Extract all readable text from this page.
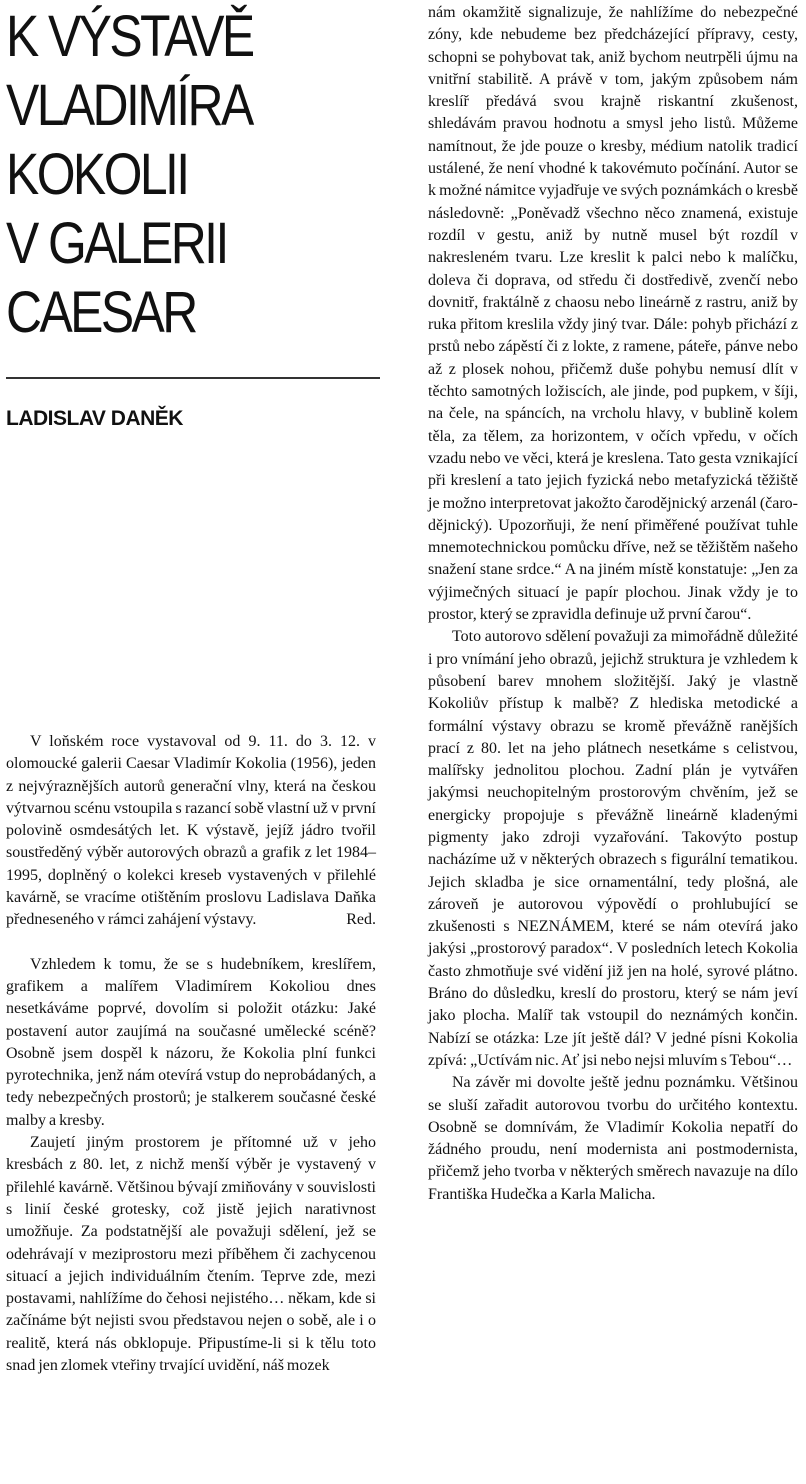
K VÝSTAVĚ
VLADIMÍRA
KOKOLII
V GALERII
CAESAR
LADISLAV DANĚK

V loňském roce vystavoval od 9. 11. do 3. 12. v olomoucké galerii Caesar Vladimír Kokolia (1956), jeden z nejvýraznějších autorů generační vlny, která na českou výtvarnou scénu vstoupila s razancí sobě vlastní už v první polovině osmdesátých let. K výstavě, jejíž jádro tvořil soustředěný výběr autorových obrazů a grafik z let 1984–1995, doplněný o kolekci kreseb vystavených v přilehlé kavárně, se vracíme otištěním proslovu Ladislava Daňka předneseného v rámci zahájení výstavy.	Red.

Vzhledem k tomu, že se s hudebníkem, kreslířem, grafikem a malířem Vladimírem Kokoliou dnes nesetkáváme poprvé, dovolím si položit otázku: Jaké postavení autor zaujímá na současné umělecké scéně? Osobně jsem dospěl k názoru, že Kokolia plní funkci pyrotechnika, jenž nám otevírá vstup do neprobádaných, a tedy nebezpečných prostorů; je stalkerem současné české malby a kresby.

Zaujetí jiným prostorem je přítomné už v jeho kresbách z 80. let, z nichž menší výběr je vystavený v přilehlé kavárně. Většinou bývají zmiňovány v souvislosti s linií české grotesky, což jistě jejich narativnost umožňuje. Za podstatnější ale považuji sdělení, jež se odehrávají v meziprostoru mezi příběhem či zachycenou situací a jejich individuálním čtením. Teprve zde, mezi postavami, nahlížíme do čehosi nejistého… někam, kde si začínáme být nejisti svou představou nejen o sobě, ale i o realitě, která nás obklopuje. Připustíme-li si k tělu toto snad jen zlomek vteřiny trvající uvidění, náš mozek

nám okamžitě signalizuje, že nahlížíme do nebezpečné zóny, kde nebudeme bez předcházející přípravy, cesty, schopni se pohybovat tak, aniž bychom neutrpěli újmu na vnitřní stabilitě. A právě v tom, jakým způsobem nám kreslíř předává svou krajně riskantní zkušenost, shledávám pravou hodnotu a smysl jeho listů. Můžeme namítnout, že jde pouze o kresby, médium natolik tradicí ustálené, že není vhodné k takovémuto počínání. Autor se k možné námitce vyjadřuje ve svých poznámkách o kresbě následovně: „Poněvadž všechno něco znamená, existuje rozdíl v gestu, aniž by nutně musel být rozdíl v nakresleném tvaru. Lze kreslit k palci nebo k malíčku, doleva či doprava, od středu či dostředivě, zvenčí nebo dovnitř, fraktálně z chaosu nebo lineárně z rastru, aniž by ruka přitom kreslila vždy jiný tvar. Dále: pohyb přichází z prstů nebo zápěstí či z lokte, z ramene, páteře, pánve nebo až z plosek nohou, přičemž duše pohybu nemusí dlít v těchto samotných ložiscích, ale jinde, pod pupkem, v šíji, na čele, na spáncích, na vrcholu hlavy, v bublině kolem těla, za tělem, za horizontem, v očích vpředu, v očích vzadu nebo ve věci, která je kreslena. Tato gesta vznikající při kreslení a tato jejich fyzická nebo metafyzická těžiště je možno interpretovat jakožto čarodějnický arzenál (čaro-dějnický). Upozorňuji, že není přiměřené používat tuhle mnemotechnickou pomůcku dříve, než se těžištěm našeho snažení stane srdce.“ A na jiném místě konstatuje: „Jen za výjimečných situací je papír plochou. Jinak vždy je to prostor, který se zpravidla definuje už první čarou“.

Toto autorovo sdělení považuji za mimořádně důležité i pro vnímání jeho obrazů, jejichž struktura je vzhledem k působení barev mnohem složitější. Jaký je vlastně Kokoliův přístup k malbě? Z hlediska metodické a formální výstavy obrazu se kromě převážně ranějších prací z 80. let na jeho plátnech nesetkáme s celistvou, malířsky jednolitou plochou. Zadní plán je vytvářen jakýmsi neuchopitelným prostorovým chvěním, jež se energicky propojuje s převážně lineárně kladenými pigmenty jako zdroji vyzařování. Takovýto postup nacházíme už v některých obrazech s figurální tematikou. Jejich skladba je sice ornamentální, tedy plošná, ale zároveň je autorovou výpovědí o prohlubující se zkušenosti s NEZNÁMEM, které se nám otevírá jako jakýsi „prostorový paradox“. V posledních letech Kokolia často zhmotňuje své vidění již jen na holé, syrové plátno. Bráno do důsledku, kreslí do prostoru, který se nám jeví jako plocha. Malíř tak vstoupil do neznámých končin. Nabízí se otázka: Lze jít ještě dál? V jedné písni Kokolia zpívá: „Uctívám nic. Ať jsi nebo nejsi mluvím s Tebou“…

Na závěr mi dovolte ještě jednu poznámku. Většinou se sluší zařadit autorovou tvorbu do určitého kontextu. Osobně se domnívám, že Vladimír Kokolia nepatří do žádného proudu, není modernista ani postmodernista, přičemž jeho tvorba v některých směrech navazuje na dílo Františka Hudečka a Karla Malicha.
